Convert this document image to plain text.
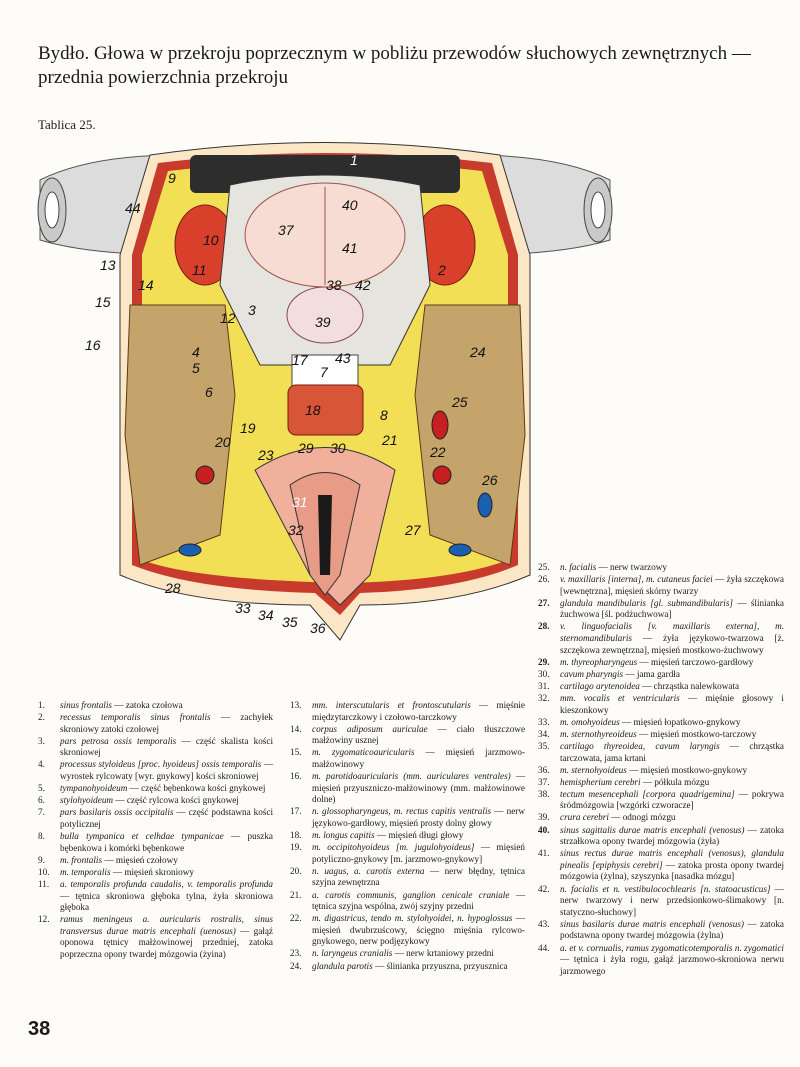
Bydło. Głowa w przekroju poprzecznym w pobliżu przewodów słuchowych zewnętrznych — przednia powierzchnia przekroju
Tablica 25.
1
2
3
4
5
6
7
8
9
10
11
12
13
14
15
16
17
18
19
20	21
22
23
24
25
26
27
28
29 30
31
32
33 34 35 36
37
38
39
40
41
42
43
44
1.	sinus frontalis — zatoka czołowa
2.	recessus temporalis sinus frontalis — zachyłek skroniowy zatoki czołowej
3.	pars petrosa ossis temporalis — część skalista kości skroniowej
4.	processus styloideus [proc. hyoideus] ossis temporalis — wyrostek rylcowaty [wyr. gnykowy] kości skroniowej
5.	tympanohyoideum — część bębenkowa kości gnykowej
6.	stylohyoideum — część rylcowa kości gnykowej
7.	pars basilaris ossis occipitalis — część podstawna kości potylicznej
8.	bulla tympanica et celhdae tympanicae — puszka bębenkowa i komórki bębenkowe
9.	m. frontalis — mięsień czołowy
10.	m. temporalis — mięsień skroniowy
11.	a. temporalis profunda caudalis, v. temporalis profunda — tętnica skroniowa głęboka tylna, żyła skroniowa głęboka
12.	ramus meningeus a. auricularis rostralis, sinus transversus durae matris encephali (uenosus) — gałąź oponowa tętnicy małżowinowej przedniej, zatoka poprzeczna opony twardej mózgowia (żyina)
13.	mm. interscutularis et frontoscutularis — mięśnie międzytarczkowy i czołowo-tarczkowy
14.	corpus adiposum auriculae — ciało tłuszczowe małżowiny usznej
15.	m. zygomaticoauricularis — mięsień jarzmowo-małżowinowy
16.	m. parotidoauricularis (mm. auriculares ventrales) — mięsień przyuszniczo-małżowinowy (mm. małżowinowe dolne)
17.	n. glossopharyngeus, m. rectus capitis ventralis — nerw językowo-gardłowy, mięsień prosty dolny głowy
18.	m. longus capitis — mięsień długi głowy
19.	m. occipitohyoideus [m. jugulohyoideus] — mięsień potyliczno-gnykowy [m. jarzmowo-gnykowy]
20.	n. uagus, a. carotis externa — nerw błędny, tętnica szyjna zewnętrzna
21.	a. carotis communis, ganglion cenicale craniale — tętnica szyjna wspólna, zwój szyjny przedni
22.	m. digastricus, tendo m. stylohyoidei, n. hypoglossus — mięsień dwubrzuścowy, ścięgno mięśnia rylcowo-gnykowego, nerw podjęzykowy
23.	n. laryngeus cranialis — nerw krtaniowy przedni
24.	glandula parotis — ślinianka przyuszna, przyusznica
25.	n. facialis — nerw twarzowy
26.	v. maxillaris [interna], m. cutaneus faciei — żyła szczękowa [wewnętrzna], mięsień skórny twarzy
27.	glandula mandibularis [gl. submandibularis] — ślinianka żuchwowa [śl. podżuchwowa]
28.	v. linguofacialis [v. maxillaris externa], m. sternomandibularis — żyła językowo-twarzowa [ż. szczękowa zewnętrzna], mięsień mostkowo-żuchwowy
29.	m. thyreopharyngeus — mięsień tarczowo-gardłowy
30.	cavum pharyngis — jama gardła
31.	cartilago arytenoidea — chrząstka nalewkowata
32.	mm. vocalis et ventricularis — mięśnie głosowy i kieszonkowy
33.	m. omohyoideus — mięsień łopatkowo-gnykowy
34.	m. sternothyreoideus — mięsień mostkowo-tarczowy
35.	cartilago thyreoidea, cavum laryngis — chrząstka tarczowata, jama krtani
36.	m. sternohyoideus — mięsień mostkowo-gnykowy
37.	hemispherium cerebri — półkula mózgu
38.	tectum mesencephali [corpora quadrigemina] — pokrywa śródmózgowia [wzgórki czworacze]
39.	crura cerebri — odnogi mózgu
40.	sinus sagittalis durae matris encephali (venosus) — zatoka strzałkowa opony twardej mózgowia (żyła)
41.	sinus rectus durae matris encephali (venosus), glandula pinealis [epiphysis cerebri] — zatoka prosta opony twardej mózgowia (żylna), szyszynka [nasadka mózgu]
42.	n. facialis et n. vestibulocochlearis [n. statoacusticus] — nerw twarzowy i nerw przedsionkowo-ślimakowy [n. statyczno-słuchowy]
43.	sinus basilaris durae matris encephali (venosus) — zatoka podstawna opony twardej mózgowia (żylna)
44.	a. et v. cornualis, ramus zygomaticotemporalis n. zygomatici — tętnica i żyła rogu, gałąź jarzmowo-skroniowa nerwu jarzmowego
38
